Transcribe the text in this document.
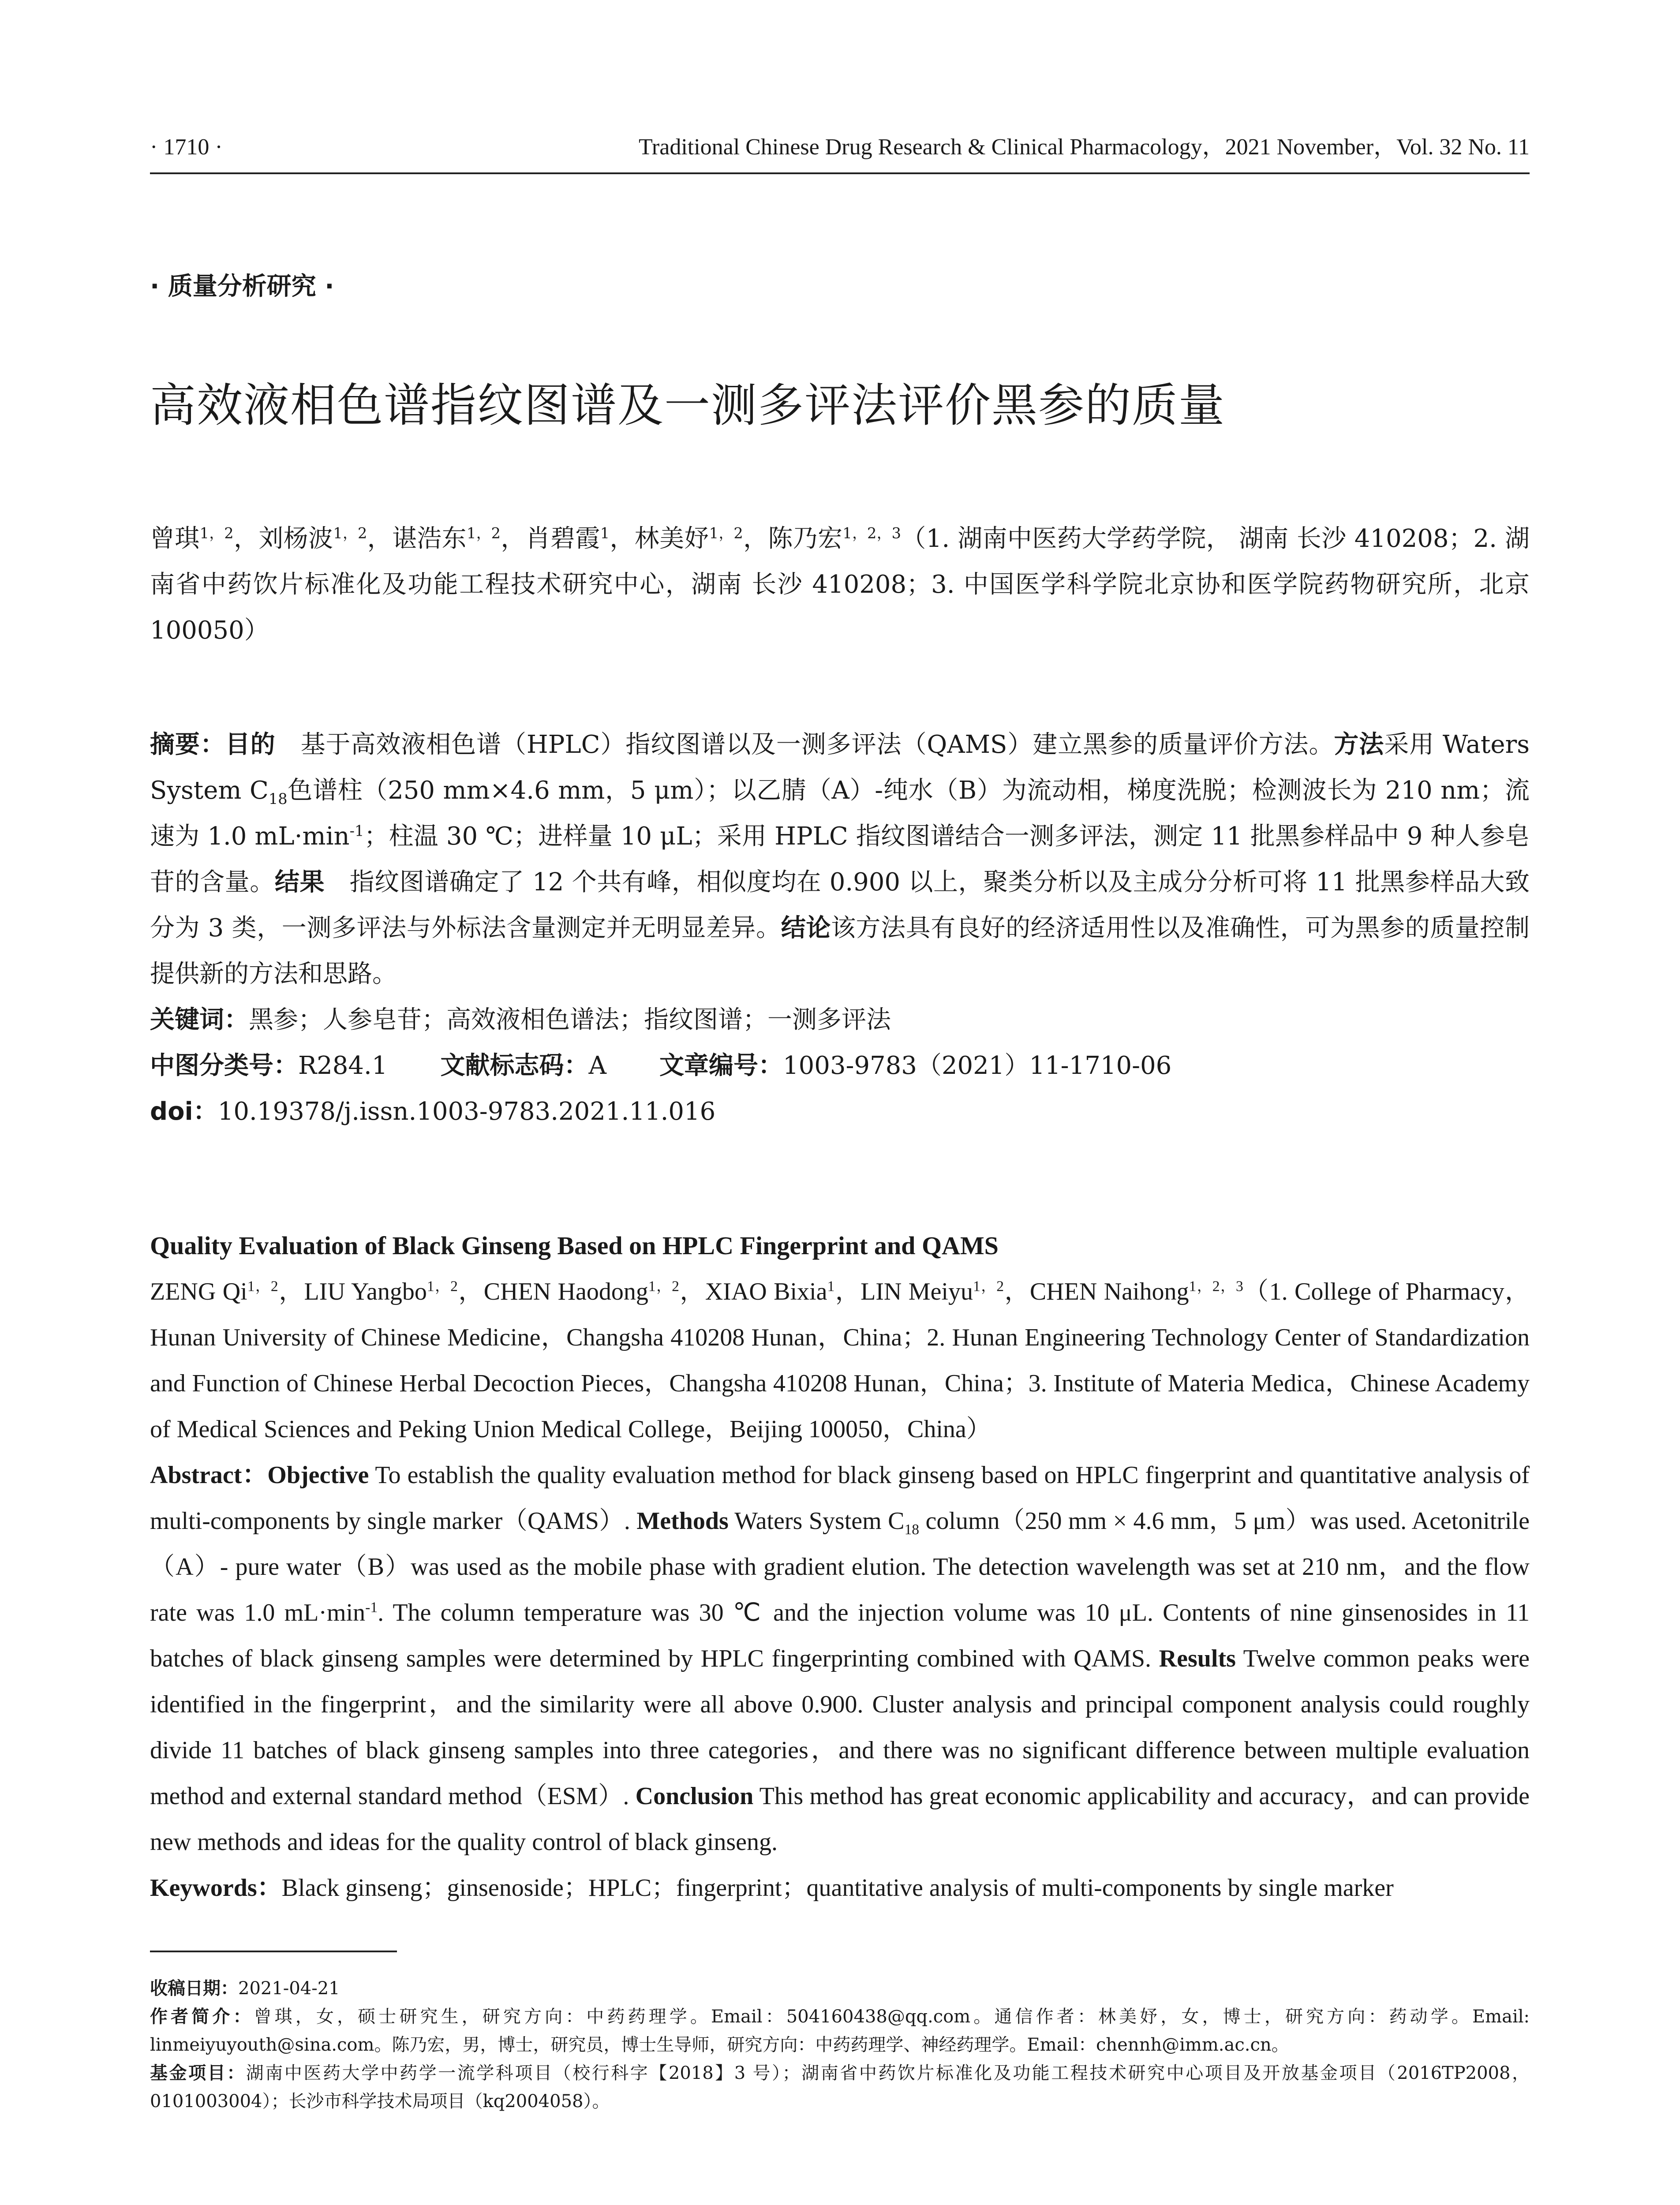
· 1710 ·	Traditional Chinese Drug Research & Clinical Pharmacology，2021 November，Vol. 32 No. 11
· 质量分析研究 ·
高效液相色谱指纹图谱及一测多评法评价黑参的质量
曾琪$^{1,2}$，刘杨波$^{1,2}$，谌浩东$^{1,2}$，肖碧霞$^1$，林美妤$^{1,2}$，陈乃宏$^{1,2,3}$（1. 湖南中医药大学药学院， 湖南 长沙 410208；2. 湖南省中药饮片标准化及功能工程技术研究中心，湖南 长沙 410208；3. 中国医学科学院北京协和医学院药物研究所，北京 100050）
摘要：目的　基于高效液相色谱（HPLC）指纹图谱以及一测多评法（QAMS）建立黑参的质量评价方法。方法采用 Waters System $C_{18}$色谱柱（250 mm×4.6 mm，5 μm）；以乙腈（A）-纯水（B）为流动相，梯度洗脱；检测波长为 210 nm；流速为 1.0 $mL\cdot\min^{-1}$；柱温 30 ℃；进样量 10 μL；采用 HPLC 指纹图谱结合一测多评法，测定 11 批黑参样品中 9 种人参皂苷的含量。结果　指纹图谱确定了 12 个共有峰，相似度均在 0.900 以上，聚类分析以及主成分分析可将 11 批黑参样品大致分为 3 类，一测多评法与外标法含量测定并无明显差异。结论该方法具有良好的经济适用性以及准确性，可为黑参的质量控制提供新的方法和思路。
关键词：黑参；人参皂苷；高效液相色谱法；指纹图谱；一测多评法
中图分类号：R284.1 文献标志码：A 文章编号：1003-9783（2021）11-1710-06
doi：10.19378/j.issn.1003-9783.2021.11.016
Quality Evaluation of Black Ginseng Based on HPLC Fingerprint and QAMS
ZENG $Qi^{1,2}$，LIU Yangbo$^{1,2}$，CHEN Haodong$^{1,2}$，XIAO Bixia$^1$，LIN Meiyu$^{1,2}$，CHEN Naihong$^{1,2,3}$（1. College of Pharmacy，Hunan University of Chinese Medicine，Changsha 410208 Hunan，China；2. Hunan Engineering Technology Center of Standardization and Function of Chinese Herbal Decoction Pieces，Changsha 410208 Hunan，China；3. Institute of Materia Medica，Chinese Academy of Medical Sciences and Peking Union Medical College，Beijing 100050，China）
Abstract：Objective To establish the quality evaluation method for black ginseng based on HPLC fingerprint and quantitative analysis of multi-components by single marker（QAMS）. Methods Waters System $C_{18}$ column（250 mm × 4.6 mm，5 μm）was used. Acetonitrile（A）- pure water（B）was used as the mobile phase with gradient elution. The detection wavelength was set at 210 nm，and the flow rate was 1.0 $mL\cdot\min^{-1}$. The column temperature was 30 ℃ and the injection volume was 10 μL. Contents of nine ginsenosides in 11 batches of black ginseng samples were determined by HPLC fingerprinting combined with QAMS. Results Twelve common peaks were identified in the fingerprint，and the similarity were all above 0.900. Cluster analysis and principal component analysis could roughly divide 11 batches of black ginseng samples into three categories，and there was no significant difference between multiple evaluation method and external standard method（ESM）. Conclusion This method has great economic applicability and accuracy，and can provide new methods and ideas for the quality control of black ginseng.
Keywords：Black ginseng；ginsenoside；HPLC；fingerprint；quantitative analysis of multi-components by single marker
收稿日期：2021-04-21
作者简介：曾琪，女，硕士研究生，研究方向：中药药理学。Email：504160438@qq.com。通信作者：林美妤，女，博士，研究方向：药动学。Email: linmeiyuyouth@sina.com。陈乃宏，男，博士，研究员，博士生导师，研究方向：中药药理学、神经药理学。Email：chennh@imm.ac.cn。
基金项目：湖南中医药大学中药学一流学科项目（校行科字【2018】3 号）；湖南省中药饮片标准化及功能工程技术研究中心项目及开放基金项目（2016TP2008，0101003004）；长沙市科学技术局项目（kq2004058）。
